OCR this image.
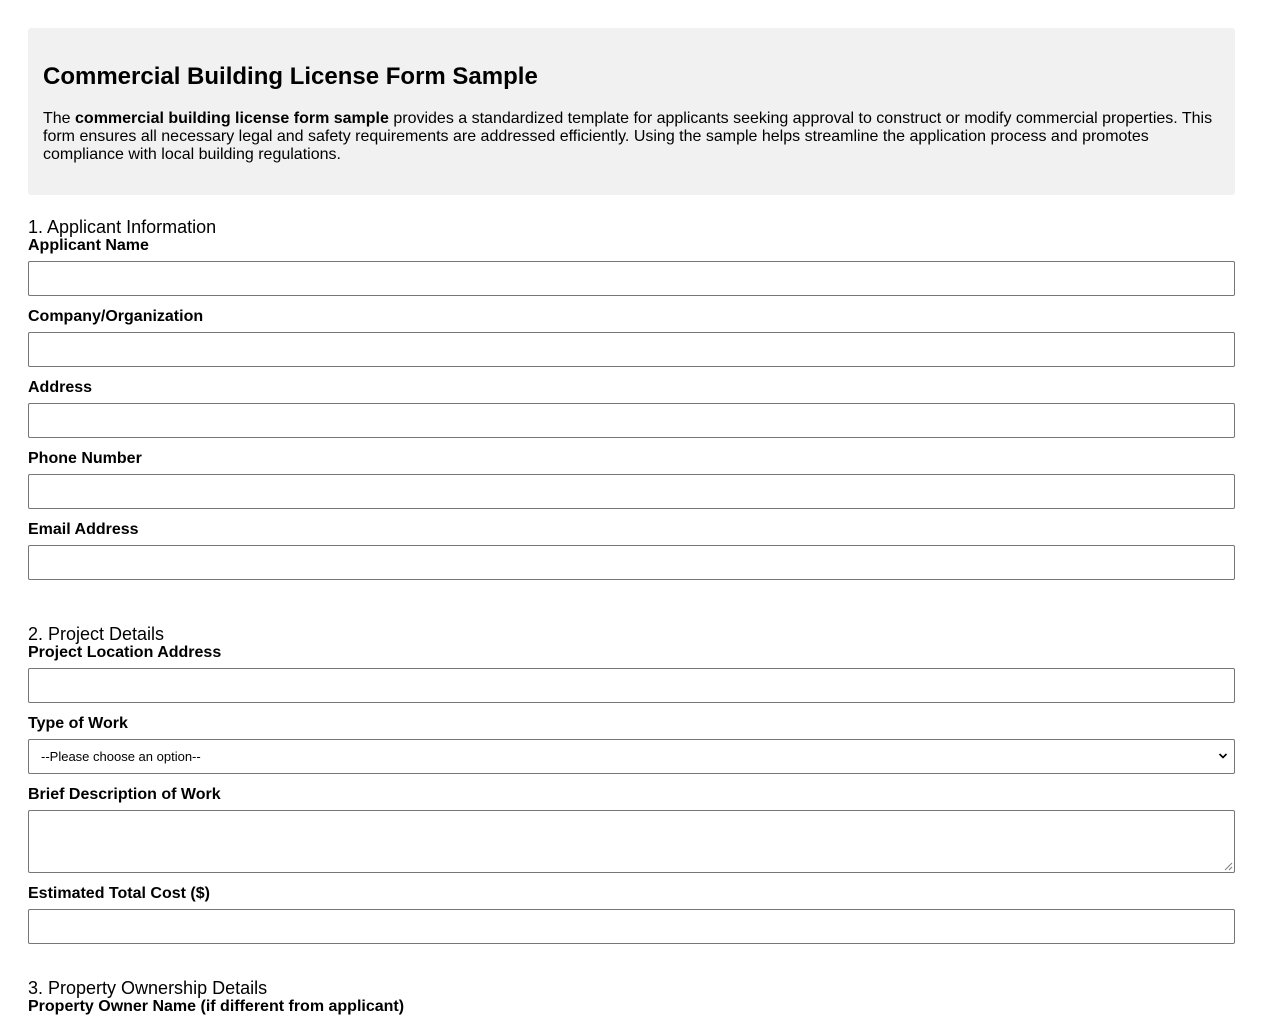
Commercial Building License Form Sample

The commercial building license form sample provides a standardized template for applicants seeking approval to construct or modify commercial properties. This form ensures all necessary legal and safety requirements are addressed efficiently. Using the sample helps streamline the application process and promotes compliance with local building regulations.

1. Applicant Information
Applicant Name
Company/Organization
Address
Phone Number
Email Address
2. Project Details
Project Location Address
Type of Work
--Please choose an option--
Brief Description of Work
Estimated Total Cost ($)
3. Property Ownership Details
Property Owner Name (if different from applicant)
